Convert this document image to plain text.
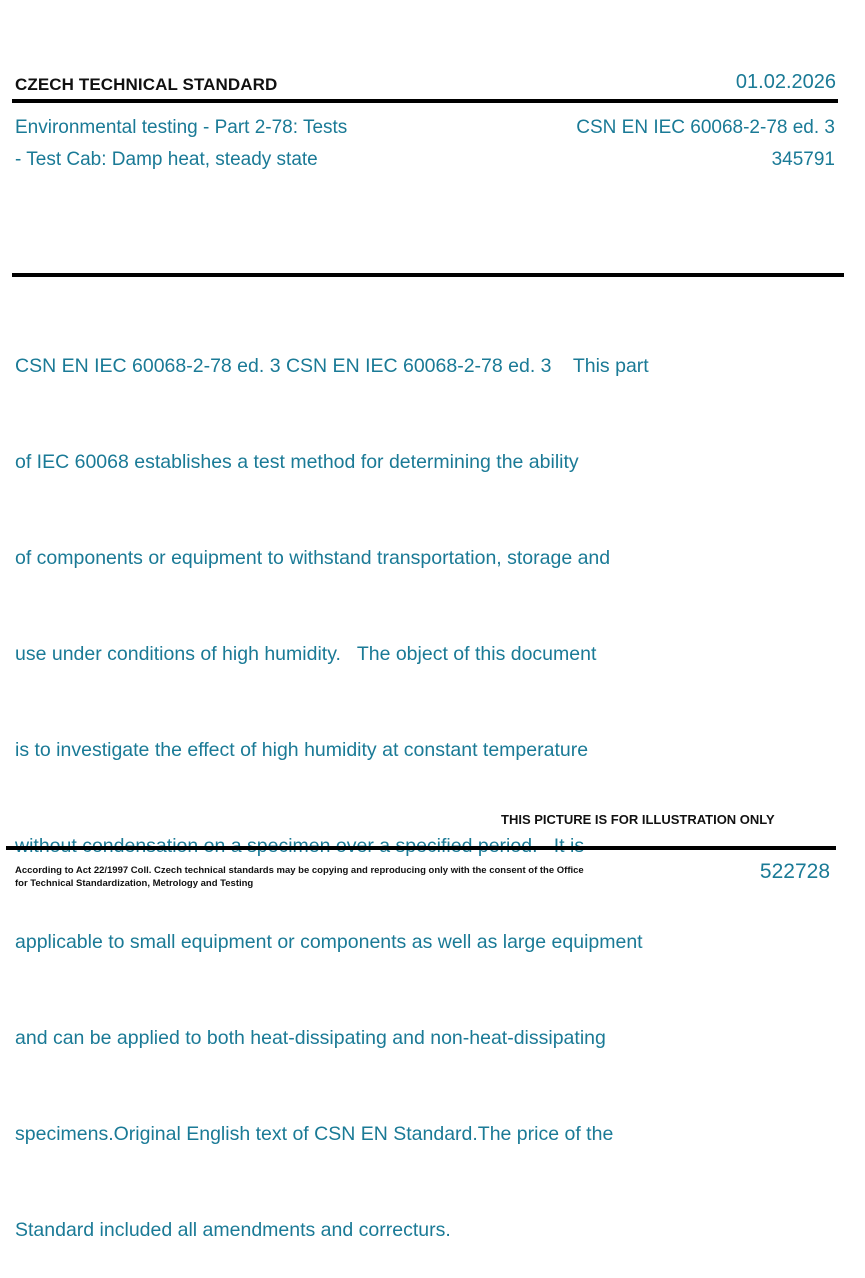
CZECH TECHNICAL STANDARD	01.02.2026
Environmental testing - Part 2-78: Tests
- Test Cab: Damp heat, steady state
CSN EN IEC 60068-2-78 ed. 3
345791

CSN EN IEC 60068-2-78 ed. 3 CSN EN IEC 60068-2-78 ed. 3    This part

of IEC 60068 establishes a test method for determining the ability

of components or equipment to withstand transportation, storage and

use under conditions of high humidity.   The object of this document

is to investigate the effect of high humidity at constant temperature

applicable to small equipment or components as well as large equipment

and can be applied to both heat-dissipating and non-heat-dissipating

specimens.Original English text of CSN EN Standard.The price of the

Standard included all amendments and correcturs.

THIS PICTURE IS FOR ILLUSTRATION ONLY
According to Act 22/1997 Coll. Czech technical standards may be copying and reproducing only with the consent of the Office
for Technical Standardization, Metrology and Testing
522728
